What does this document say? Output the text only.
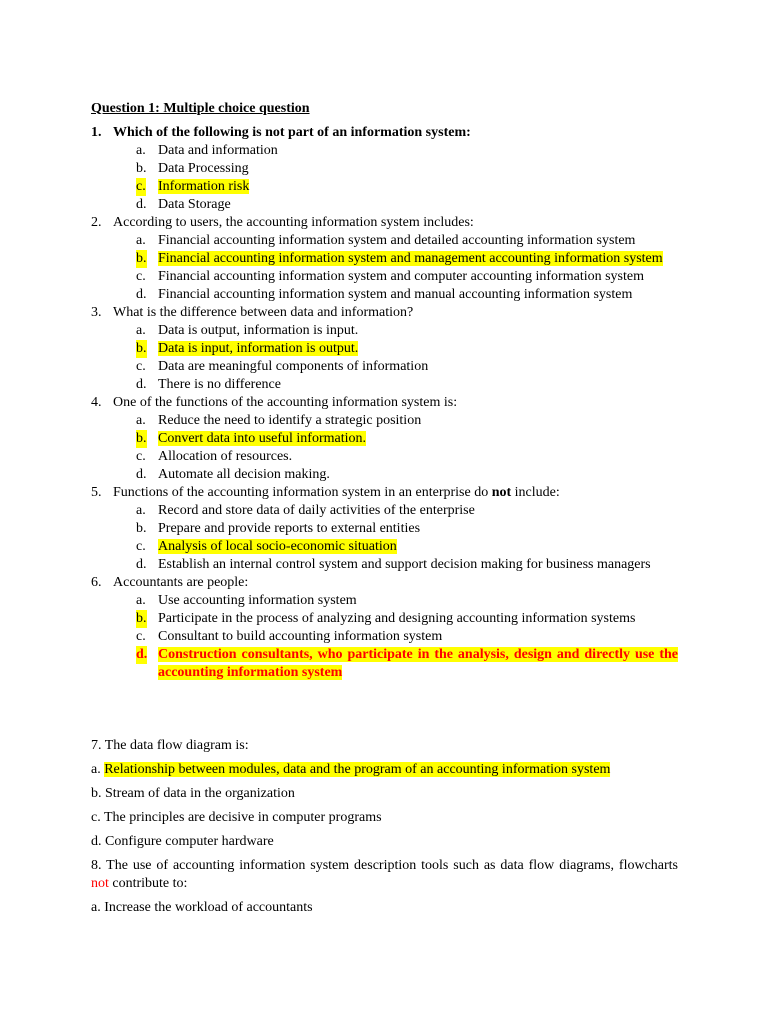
Question 1: Multiple choice question
1. Which of the following is not part of an information system:
a. Data and information
b. Data Processing
c. Information risk
d. Data Storage
2. According to users, the accounting information system includes:
a. Financial accounting information system and detailed accounting information system
b. Financial accounting information system and management accounting information system
c. Financial accounting information system and computer accounting information system
d. Financial accounting information system and manual accounting information system
3. What is the difference between data and information?
a. Data is output, information is input.
b. Data is input, information is output.
c. Data are meaningful components of information
d. There is no difference
4. One of the functions of the accounting information system is:
a. Reduce the need to identify a strategic position
b. Convert data into useful information.
c. Allocation of resources.
d. Automate all decision making.
5. Functions of the accounting information system in an enterprise do not include:
a. Record and store data of daily activities of the enterprise
b. Prepare and provide reports to external entities
c. Analysis of local socio-economic situation
d. Establish an internal control system and support decision making for business managers
6. Accountants are people:
a. Use accounting information system
b. Participate in the process of analyzing and designing accounting information systems
c. Consultant to build accounting information system
d. Construction consultants, who participate in the analysis, design and directly use the accounting information system
7. The data flow diagram is:
a. Relationship between modules, data and the program of an accounting information system
b. Stream of data in the organization
c. The principles are decisive in computer programs
d. Configure computer hardware
8. The use of accounting information system description tools such as data flow diagrams, flowcharts not contribute to:
a. Increase the workload of accountants
